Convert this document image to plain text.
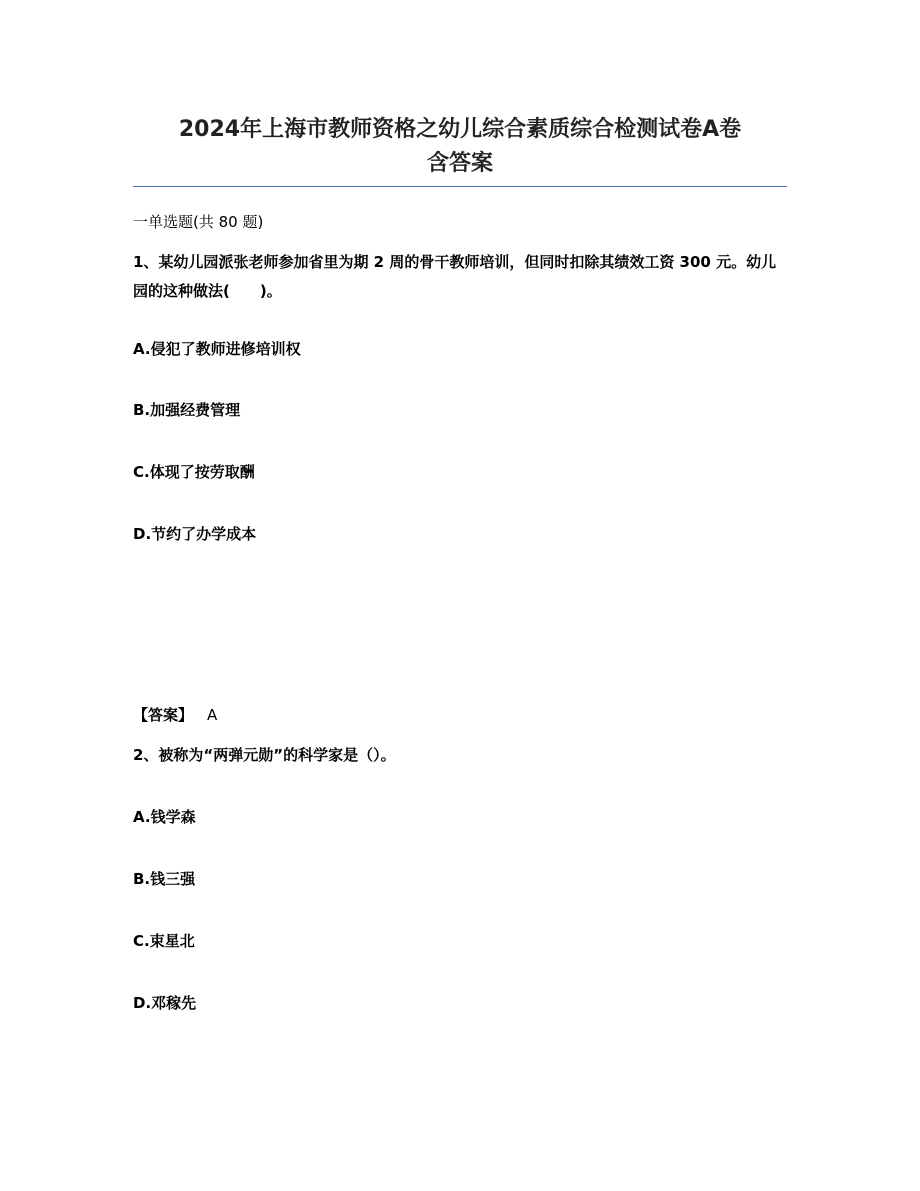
2024年上海市教师资格之幼儿综合素质综合检测试卷A卷
含答案
一单选题(共 80 题)
1、某幼儿园派张老师参加省里为期 2 周的骨干教师培训，但同时扣除其绩效工资 300 元。幼儿园的这种做法(　　)。
A.侵犯了教师进修培训权
B.加强经费管理
C.体现了按劳取酬
D.节约了办学成本
【答案】 A
2、被称为“两弹元勋”的科学家是（）。
A.钱学森
B.钱三强
C.束星北
D.邓稼先
